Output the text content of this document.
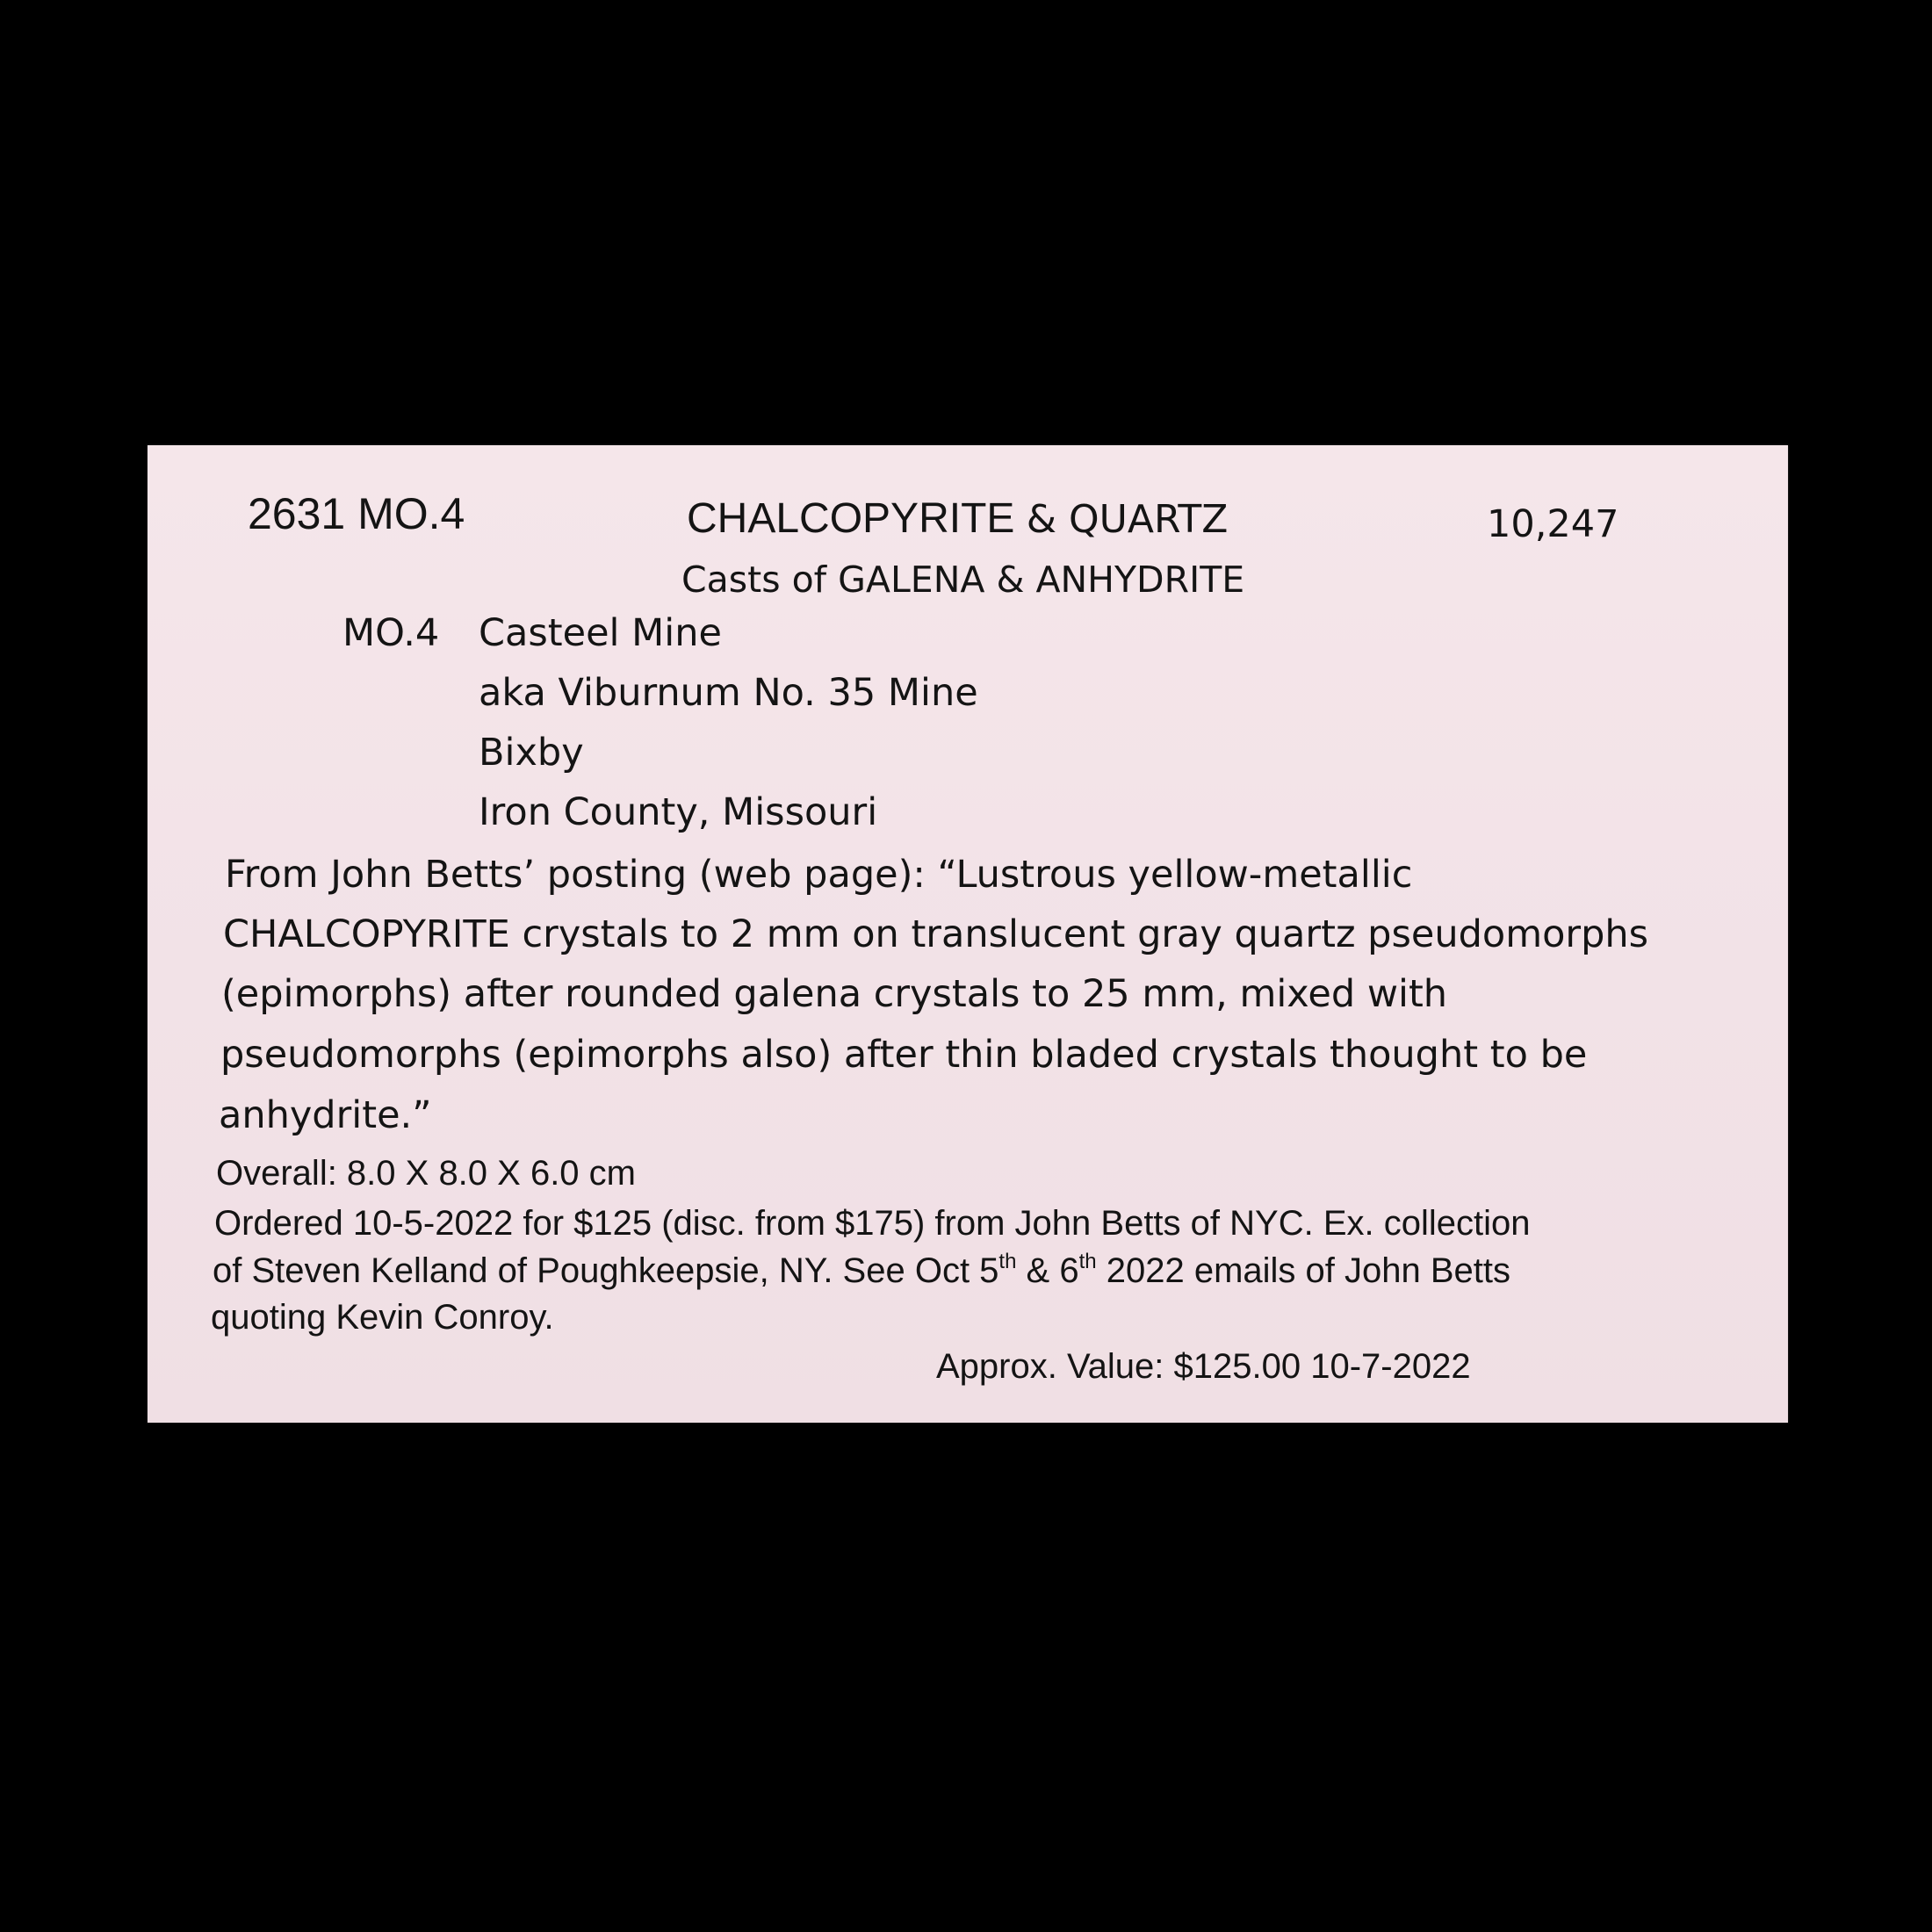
2631 MO.4	CHALCOPYRITE & QUARTZ	10,247
Casts of GALENA & ANHYDRITE
MO.4 Casteel Mine
aka Viburnum No. 35 Mine
Bixby
Iron County, Missouri
From John Betts’ posting (web page): “Lustrous yellow-metallic
CHALCOPYRITE crystals to 2 mm on translucent gray quartz pseudomorphs
(epimorphs) after rounded galena crystals to 25 mm, mixed with
pseudomorphs (epimorphs also) after thin bladed crystals thought to be
anhydrite.”
Overall: 8.0 X 8.0 X 6.0 cm
Ordered 10-5-2022 for $125 (disc. from $175) from John Betts of NYC. Ex. collection
of Steven Kelland of Poughkeepsie, NY. See Oct 5th & 6th 2022 emails of John Betts
quoting Kevin Conroy.
Approx. Value: $125.00 10-7-2022
